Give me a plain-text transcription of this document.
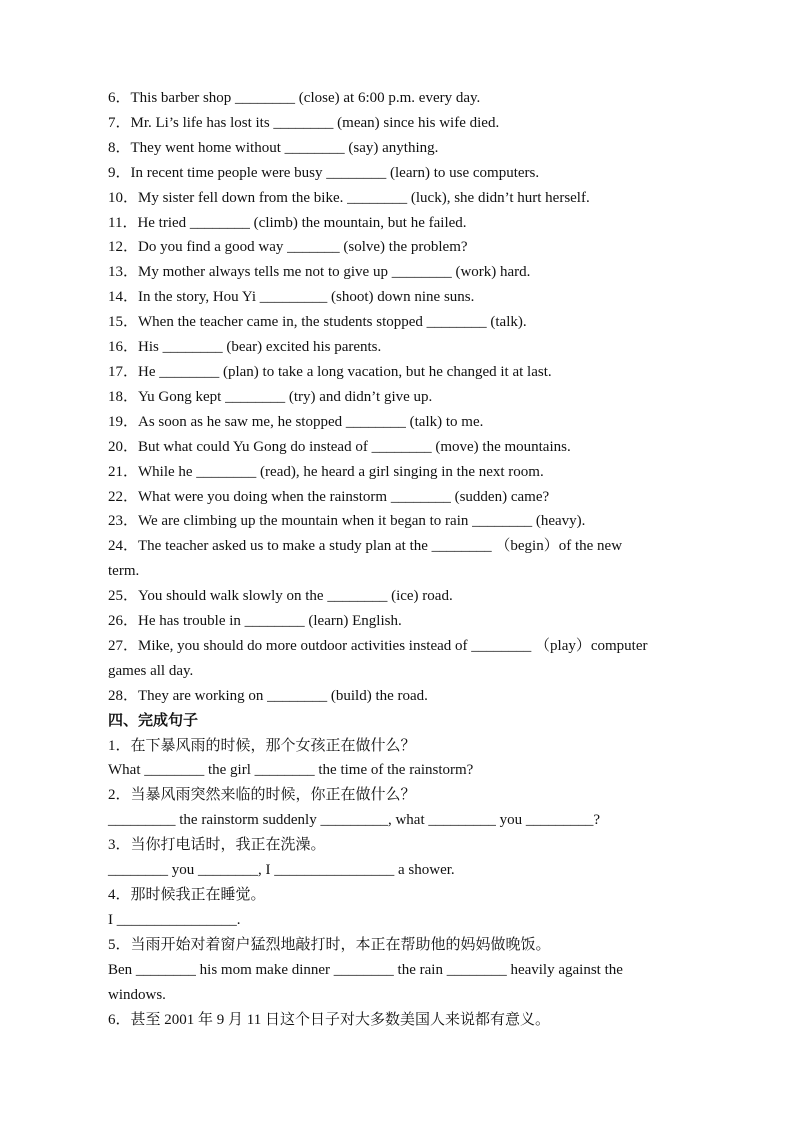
6．This barber shop ________ (close) at 6:00 p.m. every day.

7．Mr. Li’s life has lost its ________ (mean) since his wife died.

8．They went home without ________ (say) anything.

9．In recent time people were busy ________ (learn) to use computers.

10．My sister fell down from the bike. ________ (luck), she didn’t hurt herself.

11．He tried ________ (climb) the mountain, but he failed.

12．Do you find a good way _______ (solve) the problem?

13．My mother always tells me not to give up ________ (work) hard.

14．In the story, Hou Yi _________ (shoot) down nine suns.

15．When the teacher came in, the students stopped ________ (talk).

16．His ________ (bear) excited his parents.

17．He ________ (plan) to take a long vacation, but he changed it at last.

18．Yu Gong kept ________ (try) and didn’t give up.

19．As soon as he saw me, he stopped ________ (talk) to me.

20．But what could Yu Gong do instead of ________ (move) the mountains.

21．While he ________ (read), he heard a girl singing in the next room.

22．What were you doing when the rainstorm ________ (sudden) came?

23．We are climbing up the mountain when it began to rain ________ (heavy).

24．The teacher asked us to make a study plan at the ________ （begin）of the new

term.

25．You should walk slowly on the ________ (ice) road.

26．He has trouble in ________ (learn) English.

27．Mike, you should do more outdoor activities instead of ________ （play）computer

games all day.

28．They are working on ________ (build) the road.

四、完成句子

1．在下暴风雨的时候，那个女孩正在做什么？

What ________ the girl ________ the time of the rainstorm?

2．当暴风雨突然来临的时候，你正在做什么？

_________ the rainstorm suddenly _________, what _________ you _________?

3．当你打电话时，我正在洗澡。

________ you ________, I ________________ a shower.

4．那时候我正在睡觉。

I ________________.

5．当雨开始对着窗户猛烈地敲打时，本正在帮助他的妈妈做晚饭。

Ben ________ his mom make dinner ________ the rain ________ heavily against the

windows.

6．甚至 2001 年 9 月 11 日这个日子对大多数美国人来说都有意义。
